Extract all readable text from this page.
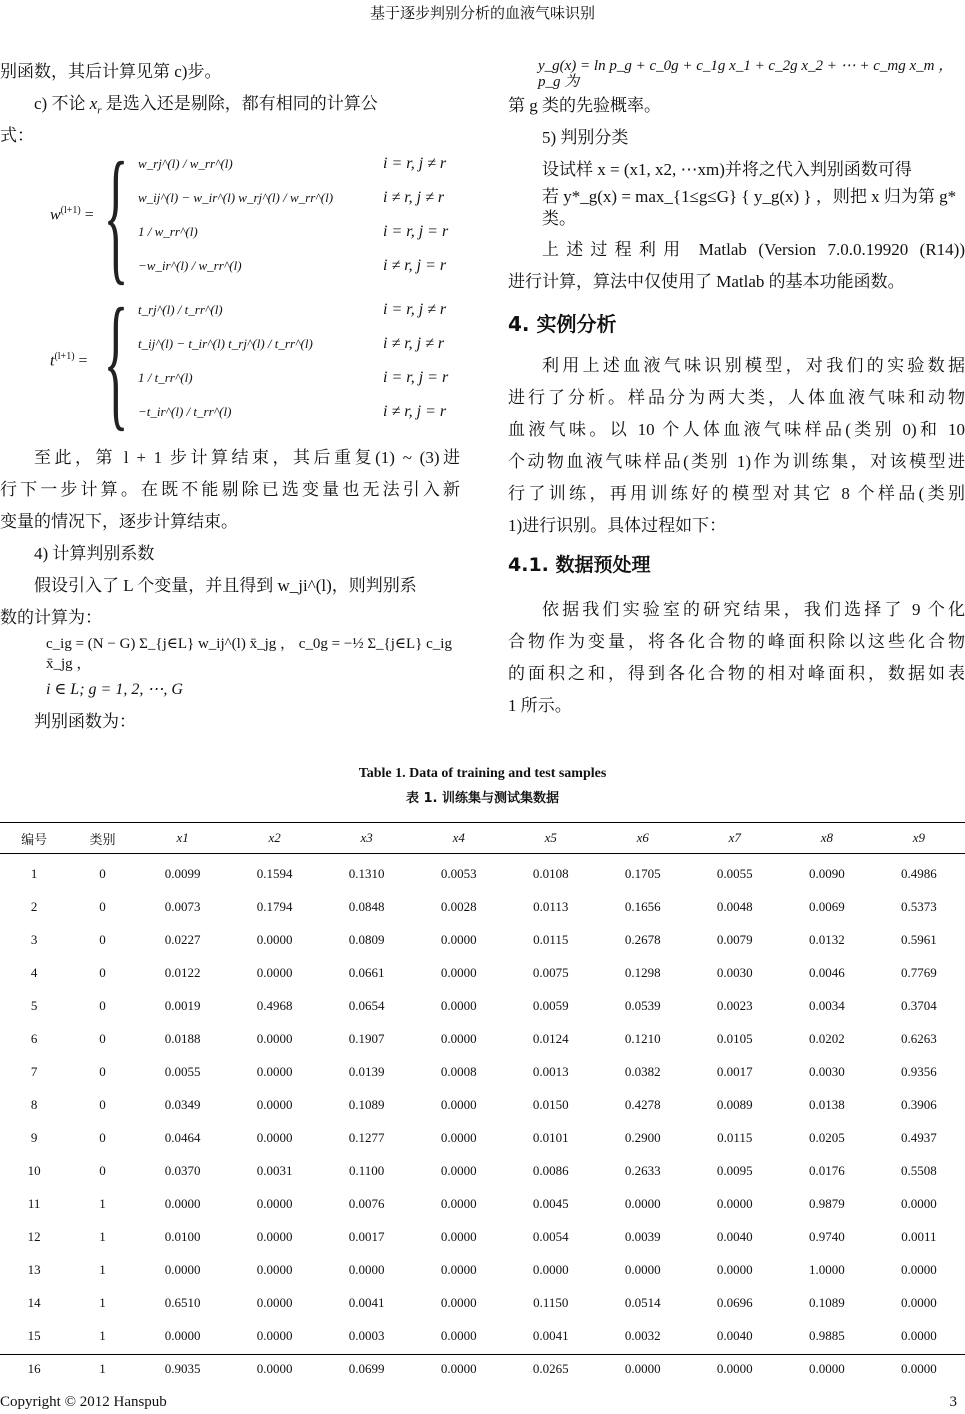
基于逐步判别分析的血液气味识别
别函数，其后计算见第 c)步。
c) 不论 $x_r$ 是选入还是剔除，都有相同的计算公
式：
$w^{(l+1)}$ = { w_rj^(l) / w_rr^(l)	i = r, j ≠ r
w_ij^(l) − w_ir^(l) w_rj^(l) / w_rr^(l)	i ≠ r, j ≠ r
1 / w_rr^(l)	i = r, j = r
−w_ir^(l) / w_rr^(l)	i ≠ r, j = r
$t^{(l+1)}$ = { t_rj^(l) / t_rr^(l)	i = r, j ≠ r
t_ij^(l) − t_ir^(l) t_rj^(l) / t_rr^(l)	i ≠ r, j ≠ r
1 / t_rr^(l)	i = r, j = r
−t_ir^(l) / t_rr^(l)	i ≠ r, j = r
至此，第 l + 1 步计算结束，其后重复(1) ~ (3)进
行下一步计算。在既不能剔除已选变量也无法引入新
变量的情况下，逐步计算结束。
4) 计算判别系数
假设引入了 L 个变量，并且得到 w_ji^(l)，则判别系
数的计算为：
c_ig = (N − G) Σ_{j∈L} w_ij^(l) x̄_jg ， c_0g = −½ Σ_{j∈L} c_ig x̄_jg ，
i ∈ L; g = 1, 2, ⋯, G
判别函数为：
y_g(x) = ln p_g + c_0g + c_1g x_1 + c_2g x_2 + ⋯ + c_mg x_m ，p_g 为
第 g 类的先验概率。
5) 判别分类
设试样 x = (x1, x2, ⋯xm)并将之代入判别函数可得
若 y*_g(x) = max_{1≤g≤G} { y_g(x) } ，则把 x 归为第 g*类。
上述过程利用 Matlab (Version 7.0.0.19920 (R14))
进行计算，算法中仅使用了 Matlab 的基本功能函数。
4. 实例分析
利用上述血液气味识别模型，对我们的实验数据
进行了分析。样品分为两大类，人体血液气味和动物
血液气味。以 10 个人体血液气味样品(类别 0)和 10
个动物血液气味样品(类别 1)作为训练集，对该模型进
行了训练，再用训练好的模型对其它 8 个样品(类别
1)进行识别。具体过程如下：
4.1. 数据预处理
依据我们实验室的研究结果，我们选择了 9 个化
合物作为变量，将各化合物的峰面积除以这些化合物
的面积之和，得到各化合物的相对峰面积，数据如表
1 所示。
Table 1. Data of training and test samples
表 1. 训练集与测试集数据
编号	类别	x1	x2	x3	x4	x5	x6	x7	x8	x9
1	0	0.0099	0.1594	0.1310	0.0053	0.0108	0.1705	0.0055	0.0090	0.4986
2	0	0.0073	0.1794	0.0848	0.0028	0.0113	0.1656	0.0048	0.0069	0.5373
3	0	0.0227	0.0000	0.0809	0.0000	0.0115	0.2678	0.0079	0.0132	0.5961
4	0	0.0122	0.0000	0.0661	0.0000	0.0075	0.1298	0.0030	0.0046	0.7769
5	0	0.0019	0.4968	0.0654	0.0000	0.0059	0.0539	0.0023	0.0034	0.3704
6	0	0.0188	0.0000	0.1907	0.0000	0.0124	0.1210	0.0105	0.0202	0.6263
7	0	0.0055	0.0000	0.0139	0.0008	0.0013	0.0382	0.0017	0.0030	0.9356
8	0	0.0349	0.0000	0.1089	0.0000	0.0150	0.4278	0.0089	0.0138	0.3906
9	0	0.0464	0.0000	0.1277	0.0000	0.0101	0.2900	0.0115	0.0205	0.4937
10	0	0.0370	0.0031	0.1100	0.0000	0.0086	0.2633	0.0095	0.0176	0.5508
11	1	0.0000	0.0000	0.0076	0.0000	0.0045	0.0000	0.0000	0.9879	0.0000
12	1	0.0100	0.0000	0.0017	0.0000	0.0054	0.0039	0.0040	0.9740	0.0011
13	1	0.0000	0.0000	0.0000	0.0000	0.0000	0.0000	0.0000	1.0000	0.0000
14	1	0.6510	0.0000	0.0041	0.0000	0.1150	0.0514	0.0696	0.1089	0.0000
15	1	0.0000	0.0000	0.0003	0.0000	0.0041	0.0032	0.0040	0.9885	0.0000
16	1	0.9035	0.0000	0.0699	0.0000	0.0265	0.0000	0.0000	0.0000	0.0000
Copyright © 2012 Hanspub	3
